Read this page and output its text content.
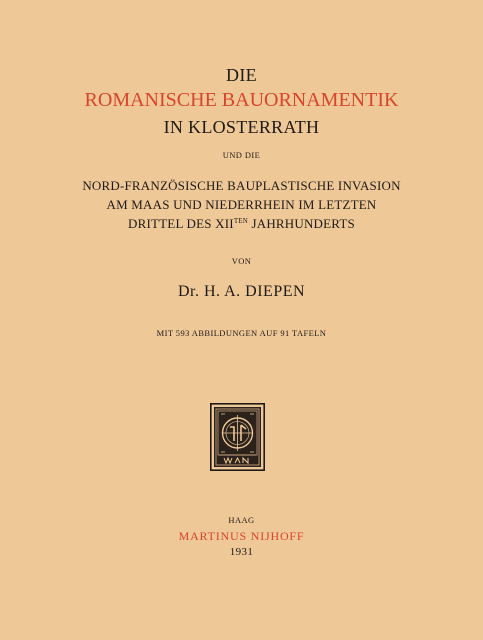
DIE
ROMANISCHE BAUORNAMENTIK
IN KLOSTERRATH
UND DIE
NORD-FRANZÖSISCHE BAUPLASTISCHE INVASION
AM MAAS UND NIEDERRHEIN IM LETZTEN
DRITTEL DES $XII^{TEN}$ JAHRHUNDERTS
VON
Dr. H. A. DIEPEN
MIT 593 ABBILDUNGEN AUF 91 TAFELN
HAAG
MARTINUS NIJHOFF
1931
